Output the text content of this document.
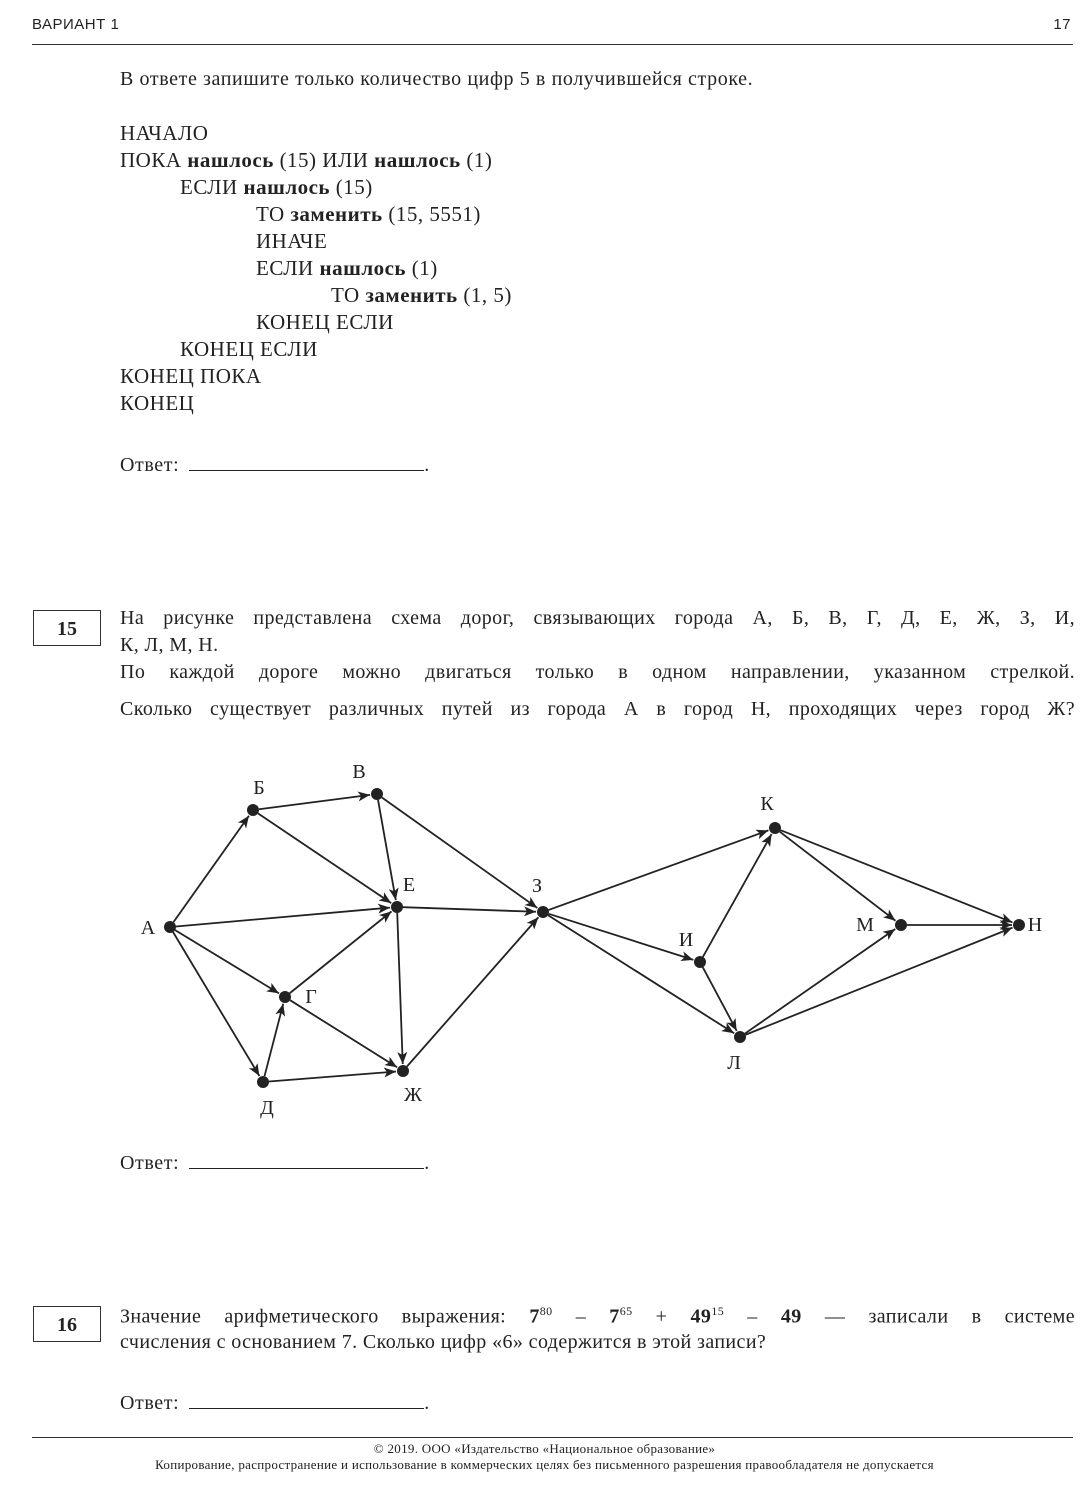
ВАРИАНТ 1	17
В ответе запишите только количество цифр 5 в получившейся строке.
НАЧАЛО
ПОКА нашлось (15) ИЛИ нашлось (1)
ЕСЛИ нашлось (15)
ТО заменить (15, 5551)
ИНАЧЕ
ЕСЛИ нашлось (1)
ТО заменить (1, 5)
КОНЕЦ ЕСЛИ
КОНЕЦ ЕСЛИ
КОНЕЦ ПОКА
КОНЕЦ
Ответ:	.
15	На рисунке представлена схема дорог, связывающих города А, Б, В, Г, Д, Е, Ж, З, И,
К, Л, М, Н.
По каждой дороге можно двигаться только в одном направлении, указанном стрелкой.
Сколько существует различных путей из города А в город Н, проходящих через город Ж?
А
Б
В
Г
Д
Е
Ж
З
И
К
Л
М	Н
Ответ:	.
16	Значение арифметического выражения: $7^{80} - 7^{65} + 49^{15} - 49$ — записали в системе
счисления с основанием 7. Сколько цифр «6» содержится в этой записи?
Ответ:	.
© 2019. ООО «Издательство «Национальное образование»
Копирование, распространение и использование в коммерческих целях без письменного разрешения правообладателя не допускается
